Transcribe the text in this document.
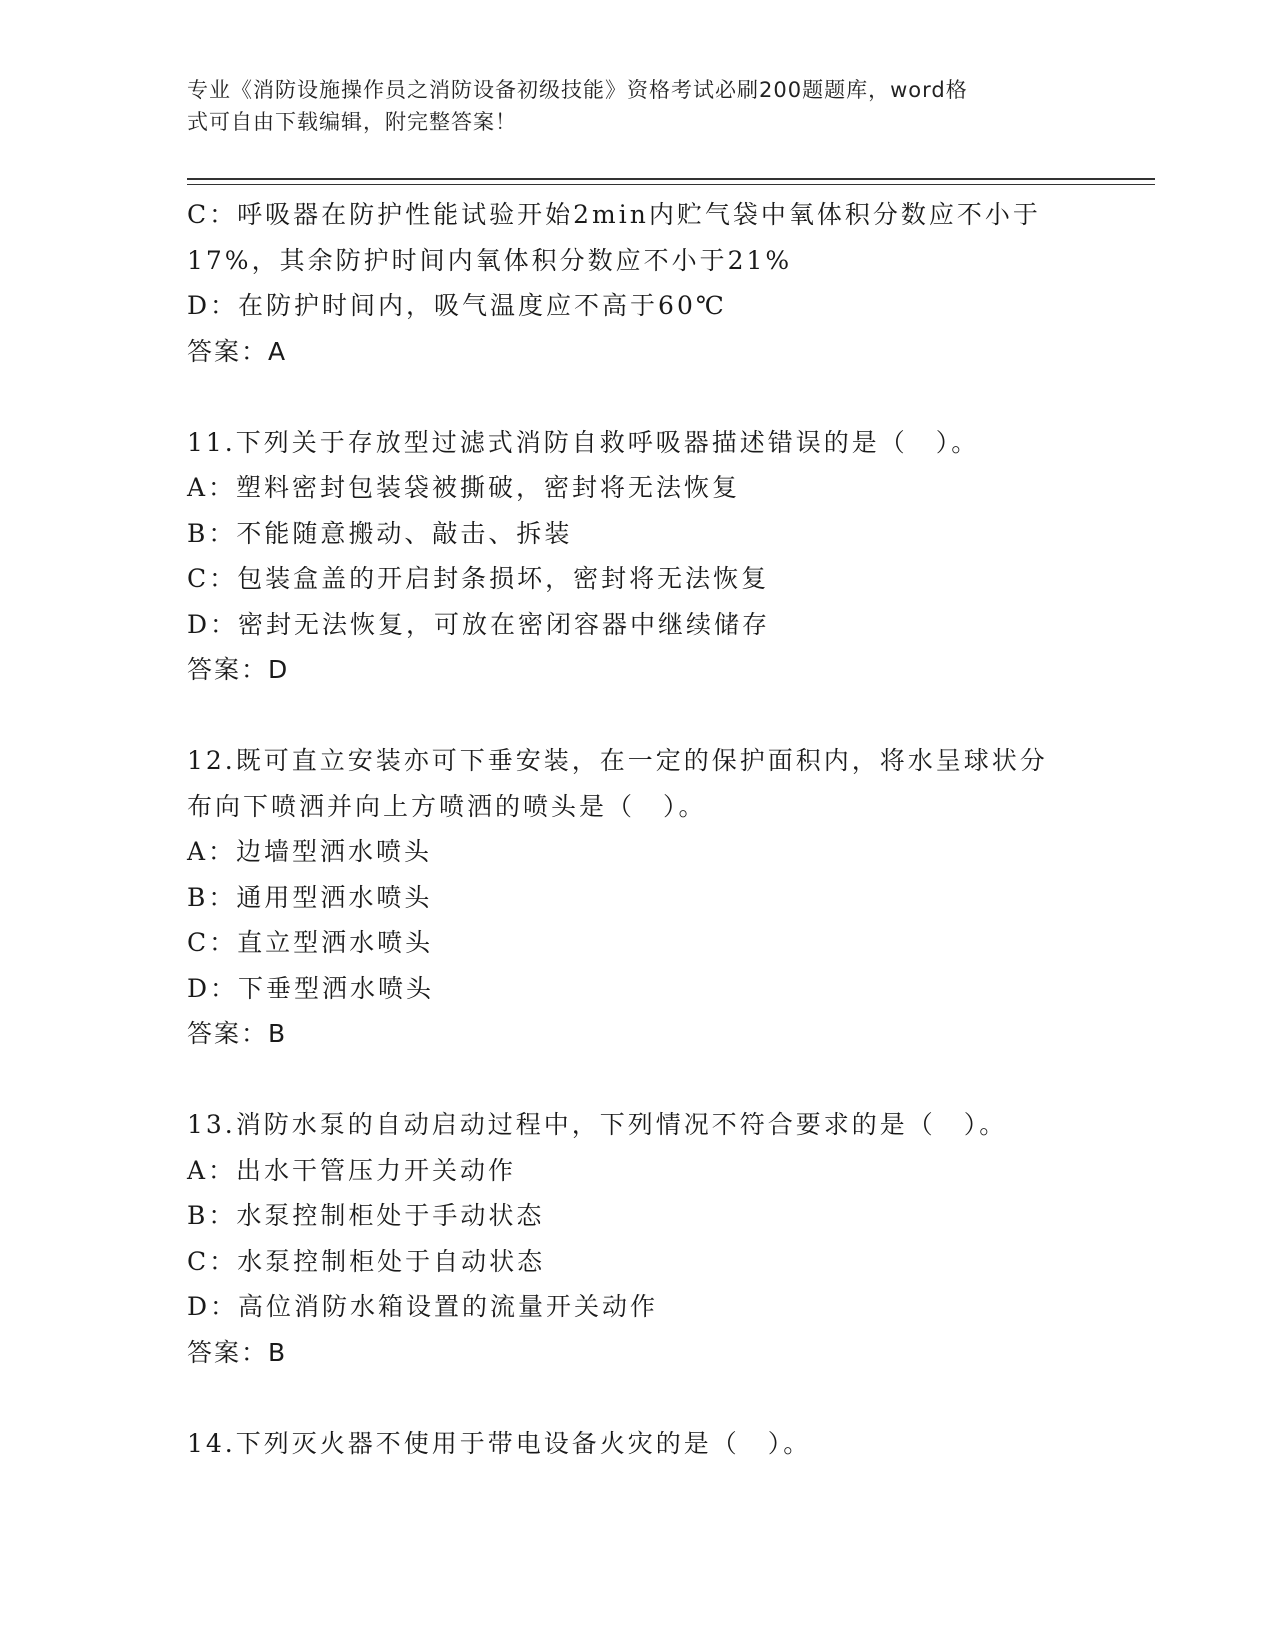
专业《消防设施操作员之消防设备初级技能》资格考试必刷200题题库，word格
式可自由下载编辑，附完整答案！
C：呼吸器在防护性能试验开始2min内贮气袋中氧体积分数应不小于
17%，其余防护时间内氧体积分数应不小于21%
D：在防护时间内，吸气温度应不高于60℃
答案：A
11.下列关于存放型过滤式消防自救呼吸器描述错误的是（　）。
A：塑料密封包装袋被撕破，密封将无法恢复
B：不能随意搬动、敲击、拆装
C：包装盒盖的开启封条损坏，密封将无法恢复
D：密封无法恢复，可放在密闭容器中继续储存
答案：D
12.既可直立安装亦可下垂安装，在一定的保护面积内，将水呈球状分
布向下喷洒并向上方喷洒的喷头是（　）。
A：边墙型洒水喷头
B：通用型洒水喷头
C：直立型洒水喷头
D：下垂型洒水喷头
答案：B
13.消防水泵的自动启动过程中，下列情况不符合要求的是（　）。
A：出水干管压力开关动作
B：水泵控制柜处于手动状态
C：水泵控制柜处于自动状态
D：高位消防水箱设置的流量开关动作
答案：B
14.下列灭火器不使用于带电设备火灾的是（　）。
